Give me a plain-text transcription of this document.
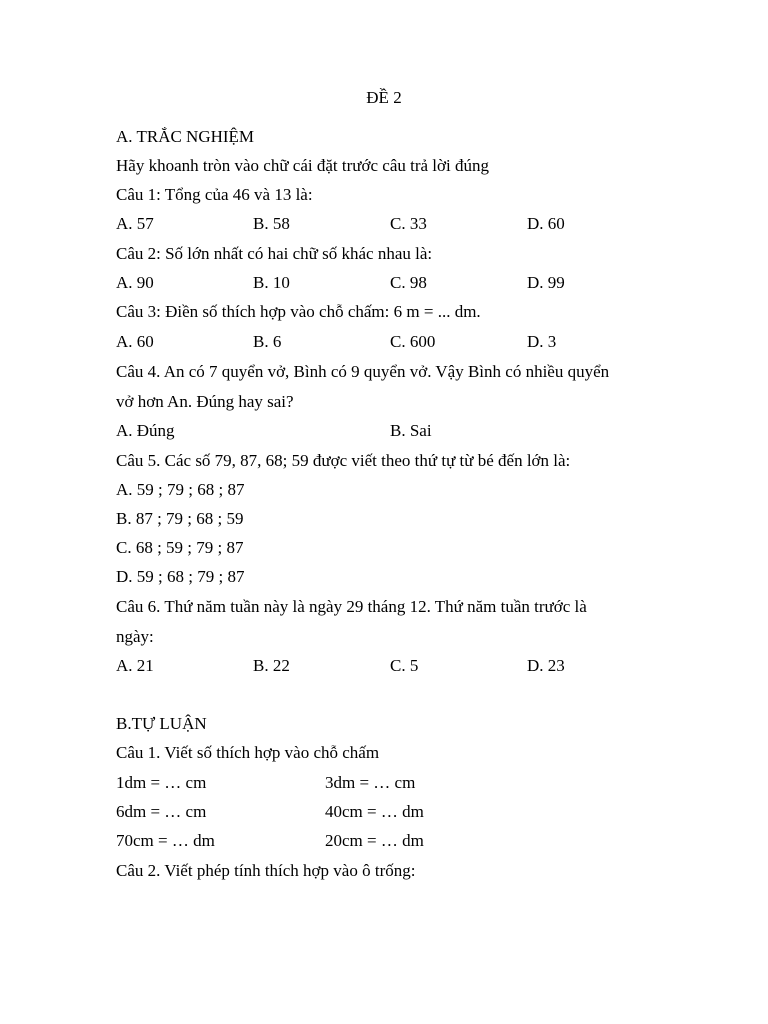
ĐỀ 2
A. TRẮC NGHIỆM
Hãy khoanh tròn vào chữ cái đặt trước câu trả lời đúng
Câu 1: Tổng của 46 và 13 là:
A. 57	B. 58	C. 33	D. 60
Câu 2: Số lớn nhất có hai chữ số khác nhau là:
A. 90	B. 10	C. 98	D. 99
Câu 3: Điền số thích hợp vào chỗ chấm: 6 m = ... dm.
A. 60	B. 6	C. 600	D. 3
Câu 4. An có 7 quyển vở, Bình có 9 quyển vở. Vậy Bình có nhiều quyển
vở hơn An. Đúng hay sai?
A. Đúng	B. Sai
Câu 5. Các số 79, 87, 68; 59 được viết theo thứ tự từ bé đến lớn là:
A. 59 ; 79 ; 68 ; 87
B. 87 ; 79 ; 68 ; 59
C. 68 ; 59 ; 79 ; 87
D. 59 ; 68 ; 79 ; 87
Câu 6. Thứ năm tuần này là ngày 29 tháng 12. Thứ năm tuần trước là
ngày:
A. 21	B. 22	C. 5	D. 23
B.TỰ LUẬN
Câu 1. Viết số thích hợp vào chỗ chấm
1dm = … cm	3dm = … cm
6dm = … cm	40cm = … dm
70cm = … dm	20cm = … dm
Câu 2. Viết phép tính thích hợp vào ô trống:
